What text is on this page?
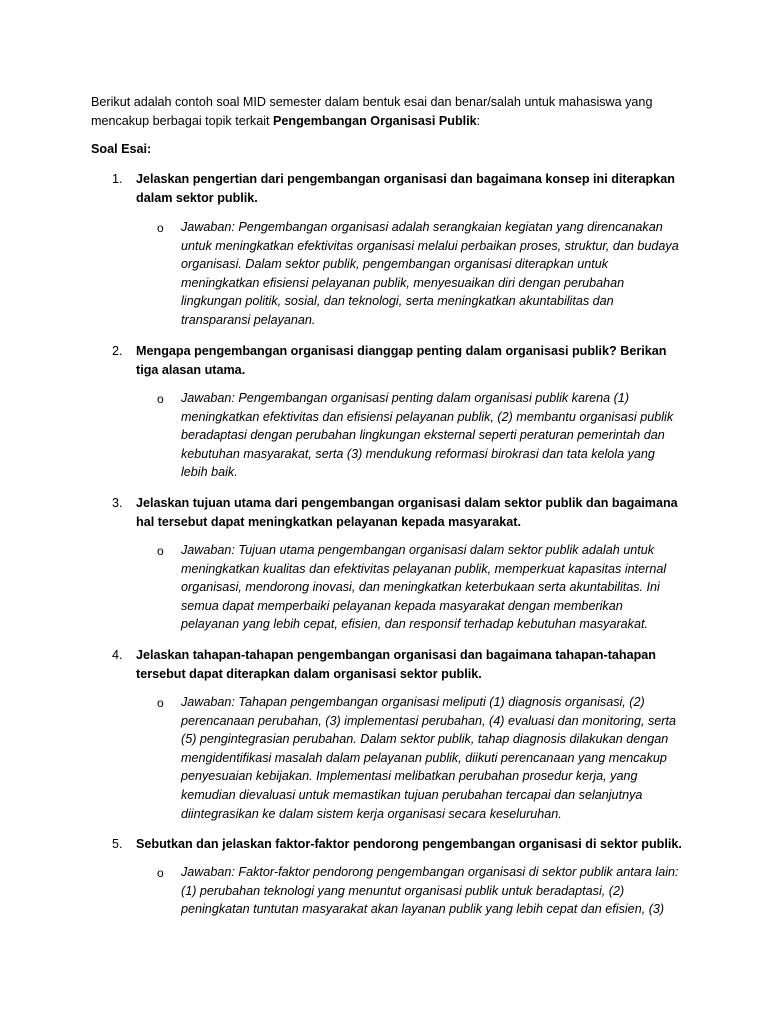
Berikut adalah contoh soal MID semester dalam bentuk esai dan benar/salah untuk mahasiswa yang mencakup berbagai topik terkait Pengembangan Organisasi Publik:

Soal Esai:

1.	Jelaskan pengertian dari pengembangan organisasi dan bagaimana konsep ini diterapkan dalam sektor publik.

o	Jawaban: Pengembangan organisasi adalah serangkaian kegiatan yang direncanakan untuk meningkatkan efektivitas organisasi melalui perbaikan proses, struktur, dan budaya organisasi. Dalam sektor publik, pengembangan organisasi diterapkan untuk meningkatkan efisiensi pelayanan publik, menyesuaikan diri dengan perubahan lingkungan politik, sosial, dan teknologi, serta meningkatkan akuntabilitas dan transparansi pelayanan.

2.	Mengapa pengembangan organisasi dianggap penting dalam organisasi publik? Berikan tiga alasan utama.

o	Jawaban: Pengembangan organisasi penting dalam organisasi publik karena (1) meningkatkan efektivitas dan efisiensi pelayanan publik, (2) membantu organisasi publik beradaptasi dengan perubahan lingkungan eksternal seperti peraturan pemerintah dan kebutuhan masyarakat, serta (3) mendukung reformasi birokrasi dan tata kelola yang lebih baik.

3.	Jelaskan tujuan utama dari pengembangan organisasi dalam sektor publik dan bagaimana hal tersebut dapat meningkatkan pelayanan kepada masyarakat.

o	Jawaban: Tujuan utama pengembangan organisasi dalam sektor publik adalah untuk meningkatkan kualitas dan efektivitas pelayanan publik, memperkuat kapasitas internal organisasi, mendorong inovasi, dan meningkatkan keterbukaan serta akuntabilitas. Ini semua dapat memperbaiki pelayanan kepada masyarakat dengan memberikan pelayanan yang lebih cepat, efisien, dan responsif terhadap kebutuhan masyarakat.

4.	Jelaskan tahapan-tahapan pengembangan organisasi dan bagaimana tahapan-tahapan tersebut dapat diterapkan dalam organisasi sektor publik.

o	Jawaban: Tahapan pengembangan organisasi meliputi (1) diagnosis organisasi, (2) perencanaan perubahan, (3) implementasi perubahan, (4) evaluasi dan monitoring, serta (5) pengintegrasian perubahan. Dalam sektor publik, tahap diagnosis dilakukan dengan mengidentifikasi masalah dalam pelayanan publik, diikuti perencanaan yang mencakup penyesuaian kebijakan. Implementasi melibatkan perubahan prosedur kerja, yang kemudian dievaluasi untuk memastikan tujuan perubahan tercapai dan selanjutnya diintegrasikan ke dalam sistem kerja organisasi secara keseluruhan.

5.	Sebutkan dan jelaskan faktor-faktor pendorong pengembangan organisasi di sektor publik.

o	Jawaban: Faktor-faktor pendorong pengembangan organisasi di sektor publik antara lain: (1) perubahan teknologi yang menuntut organisasi publik untuk beradaptasi, (2) peningkatan tuntutan masyarakat akan layanan publik yang lebih cepat dan efisien, (3)
